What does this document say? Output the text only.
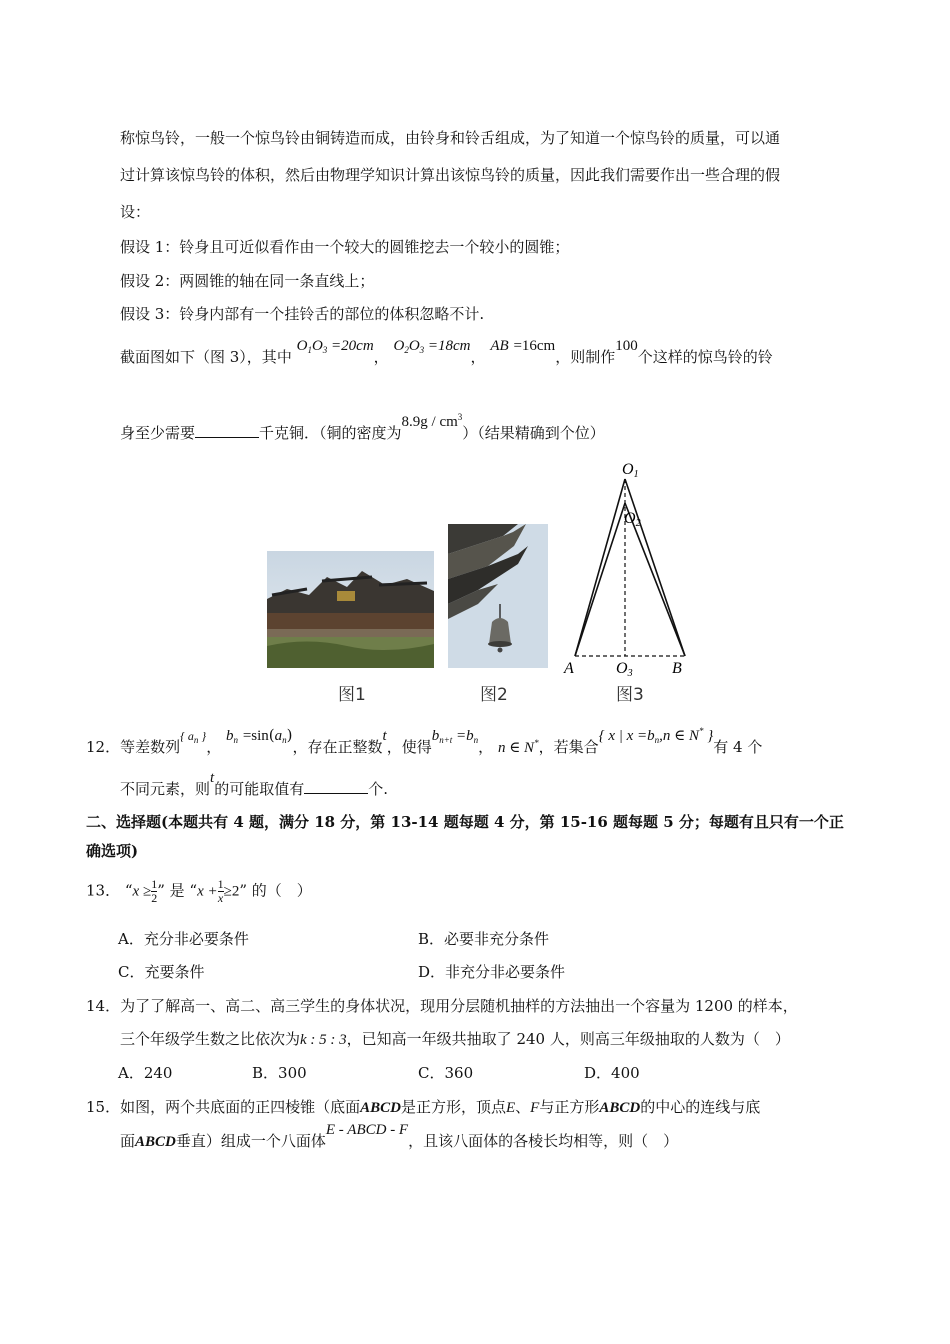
称惊鸟铃，一般一个惊鸟铃由铜铸造而成，由铃身和铃舌组成，为了知道一个惊鸟铃的质量，可以通
过计算该惊鸟铃的体积，然后由物理学知识计算出该惊鸟铃的质量，因此我们需要作出一些合理的假
设：
假设 1：铃身且可近似看作由一个较大的圆锥挖去一个较小的圆锥；
假设 2：两圆锥的轴在同一条直线上；
假设 3：铃身内部有一个挂铃舌的部位的体积忽略不计.
截面图如下（图 3），其中 $O_1O_3 =20cm$， $O_2O_3 =18cm$， AB =16cm，则制作100个这样的惊鸟铃的铃
身至少需要	千克铜．（铜的密度为$8.9g / cm^3$）（结果精确到个位）
O1
O2
O3
A	B
图1	图2	图3
12．等差数列$^{\{ a_n \}}$， $b_n =\sin(a_n)$，存在正整数t，使得$b_{n+t} =b_n$， n ∈ N*，若集合{ x | $x =b_n,n$ ∈ N* }有 4 个
不同元素，则t的可能取值有	个.
二、选择题(本题共有 4 题，满分 18 分，第 13-14 题每题 4 分，第 15-16 题每题 5 分；每题有且只有一个正
确选项)
13． “$x \ge \frac{1}{2}$ ” 是 “$x + \frac{1}{x} \ge 2$” 的（　）
A．充分非必要条件	B．必要非充分条件
C．充要条件	D．非充分非必要条件
14．为了了解高一、高二、高三学生的身体状况，现用分层随机抽样的方法抽出一个容量为 1200 的样本，
三个年级学生数之比依次为k : 5 : 3，已知高一年级共抽取了 240 人，则高三年级抽取的人数为（　）
A．240	B．300	C．360	D．400
15．如图，两个共底面的正四棱锥（底面ABCD是正方形，顶点E、F与正方形ABCD的中心的连线与底
面ABCD垂直）组成一个八面体E - ABCD - F，且该八面体的各棱长均相等，则（　）
